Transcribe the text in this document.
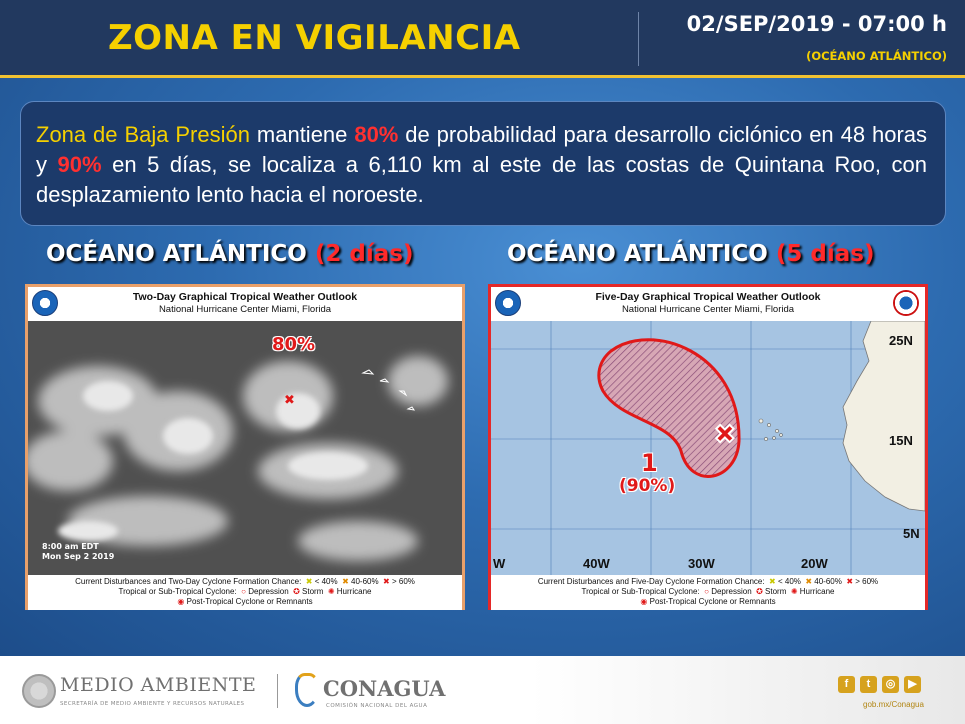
ZONA EN VIGILANCIA	02/SEP/2019 - 07:00 h
(OCÉANO ATLÁNTICO)
Zona de Baja Presión mantiene 80% de probabilidad para desarrollo ciclónico en 48 horas y 90% en 5 días, se localiza a 6,110 km al este de las costas de Quintana Roo, con desplazamiento lento hacia el noroeste.
OCÉANO ATLÁNTICO (2 días)	OCÉANO ATLÁNTICO (5 días)
Two-Day Graphical Tropical Weather Outlook
National Hurricane Center Miami, Florida
80%
✖
8:00 am EDT
Mon Sep 2 2019
Current Disturbances and Two-Day Cyclone Formation Chance: ✖ < 40% ✖ 40-60% ✖ > 60%
Tropical or Sub-Tropical Cyclone: ○ Depression ✪ Storm ✺ Hurricane
◉ Post-Tropical Cyclone or Remnants
Five-Day Graphical Tropical Weather Outlook
National Hurricane Center Miami, Florida
✖
25N
15N
5N
W	40W	30W	20W
1
(90%)
Current Disturbances and Five-Day Cyclone Formation Chance: ✖ < 40% ✖ 40-60% ✖ > 60%
Tropical or Sub-Tropical Cyclone: ○ Depression ✪ Storm ✺ Hurricane
◉ Post-Tropical Cyclone or Remnants
MEDIO AMBIENTE
SECRETARÍA DE MEDIO AMBIENTE Y RECURSOS NATURALES
CONAGUA
COMISIÓN NACIONAL DEL AGUA
f	t	◎	▶
gob.mx/Conagua
